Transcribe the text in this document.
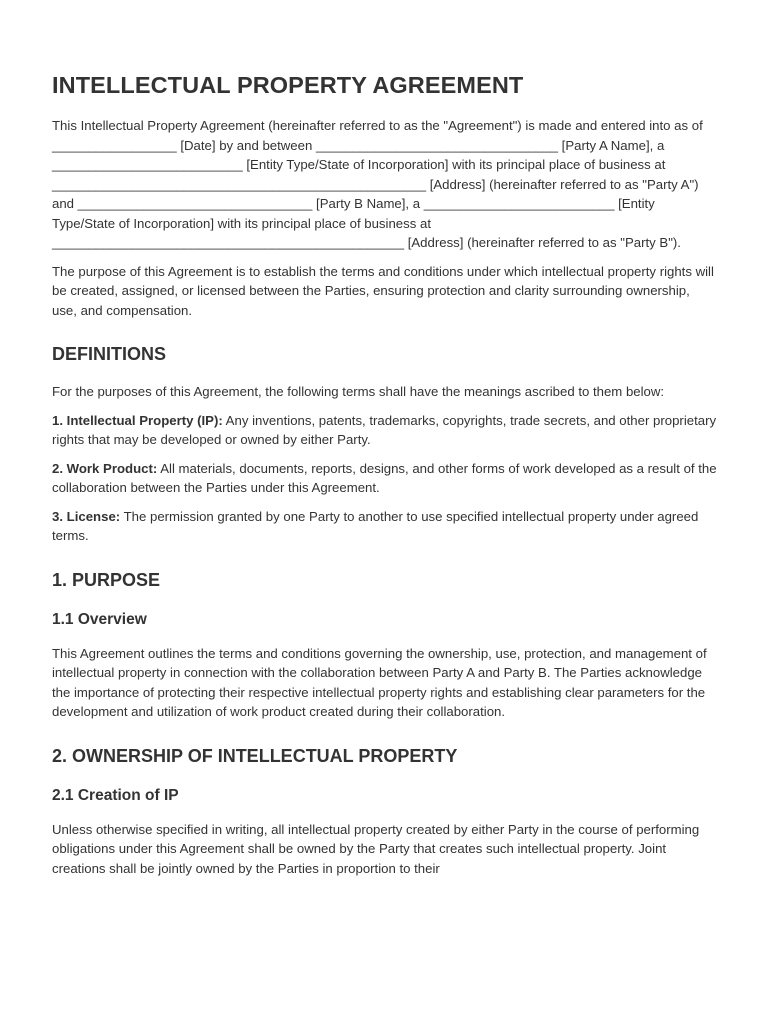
INTELLECTUAL PROPERTY AGREEMENT

This Intellectual Property Agreement (hereinafter referred to as the "Agreement") is made and entered into as of _________________ [Date] by and between _________________________________ [Party A Name], a __________________________ [Entity Type/State of Incorporation] with its principal place of business at ___________________________________________________ [Address] (hereinafter referred to as "Party A") and ________________________________ [Party B Name], a __________________________ [Entity Type/State of Incorporation] with its principal place of business at ________________________________________________ [Address] (hereinafter referred to as "Party B").

The purpose of this Agreement is to establish the terms and conditions under which intellectual property rights will be created, assigned, or licensed between the Parties, ensuring protection and clarity surrounding ownership, use, and compensation.

DEFINITIONS

For the purposes of this Agreement, the following terms shall have the meanings ascribed to them below:

1. Intellectual Property (IP): Any inventions, patents, trademarks, copyrights, trade secrets, and other proprietary rights that may be developed or owned by either Party.

2. Work Product: All materials, documents, reports, designs, and other forms of work developed as a result of the collaboration between the Parties under this Agreement.

3. License: The permission granted by one Party to another to use specified intellectual property under agreed terms.

1. PURPOSE
1.1 Overview

This Agreement outlines the terms and conditions governing the ownership, use, protection, and management of intellectual property in connection with the collaboration between Party A and Party B. The Parties acknowledge the importance of protecting their respective intellectual property rights and establishing clear parameters for the development and utilization of work product created during their collaboration.

2. OWNERSHIP OF INTELLECTUAL PROPERTY
2.1 Creation of IP

Unless otherwise specified in writing, all intellectual property created by either Party in the course of performing obligations under this Agreement shall be owned by the Party that creates such intellectual property. Joint creations shall be jointly owned by the Parties in proportion to their
